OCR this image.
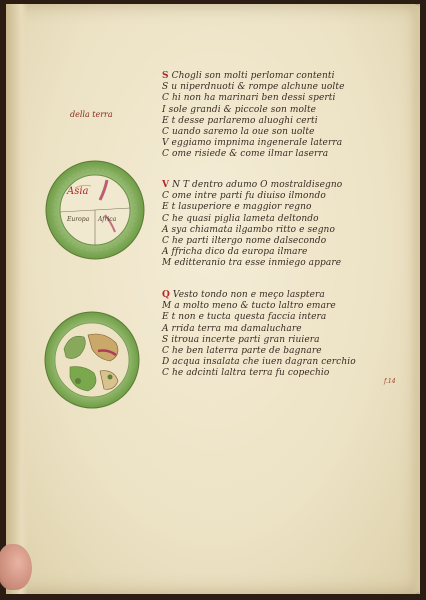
della terra
f.14
S Chogli son molti perlomar contenti
S u niperdnuoti & rompe alchune uolte
C hi non ha marinari ben dessi sperti
I sole grandi & piccole son molte
E t desse parlaremo aluoghi certi
C uando saremo la oue son uolte
V eggiamo impnima ingenerale laterra
C ome risiede & come ilmar laserra
V N T dentro adumo O mostraldisegno
C ome intre parti fu diuiso ilmondo
E t lasuperiore e maggior regno
C he quasi piglia lameta deltondo
A sya chiamata ilgambo ritto e segno
C he parti iltergo nome dalsecondo
A ffricha dico da europa ilmare
M editteranio tra esse inmiego appare
Q Vesto tondo non e meço lasptera
M a molto meno & tucto laltro emare
E t non e tucta questa faccia intera
A rrida terra ma damaluchare
S itroua incerte parti gran riuiera
C he ben laterra parte de bagnare
D acqua insalata che iuen dagran cerchio
C he adcinti laltra terra fu copechio
Asia
Europa Africa
